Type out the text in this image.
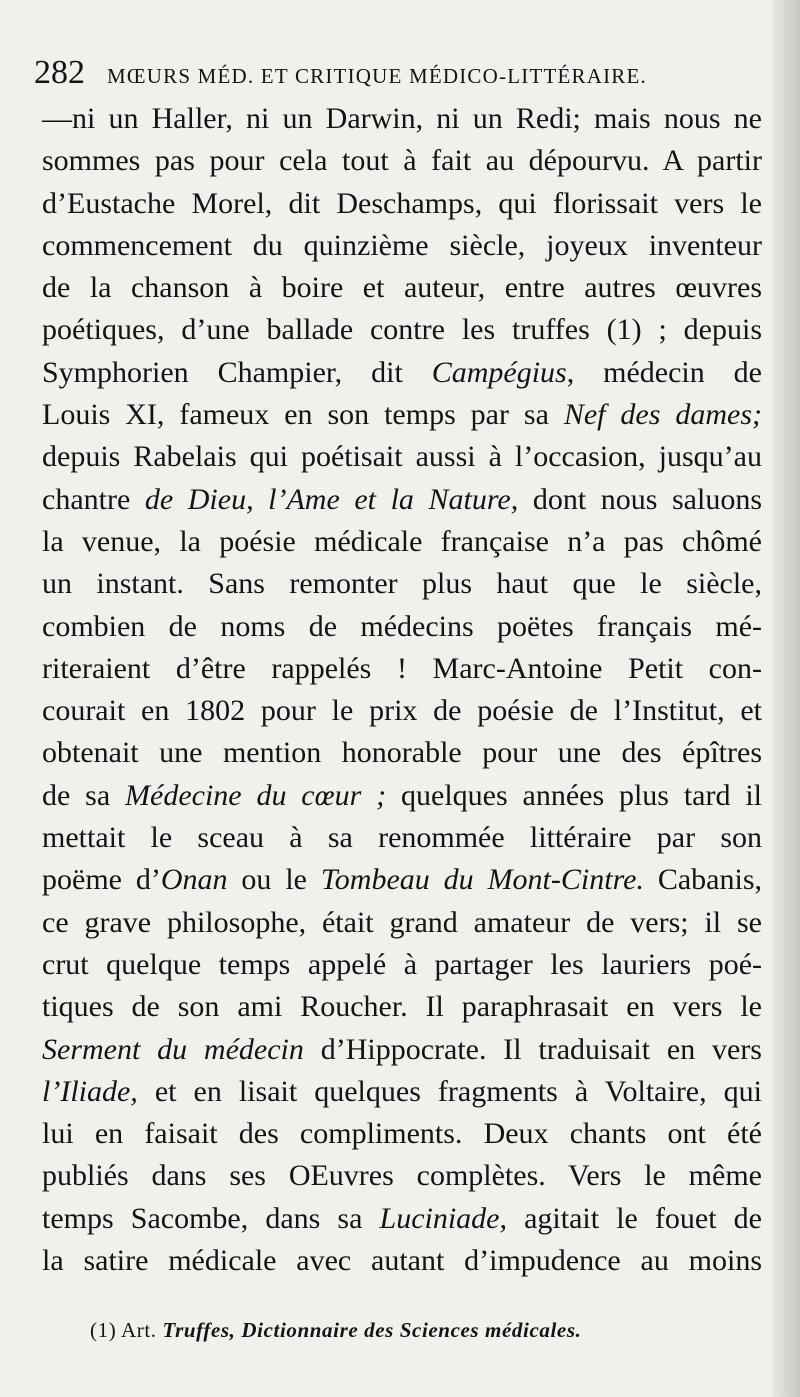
282 MŒURS MÉD. ET CRITIQUE MÉDICO-LITTÉRAIRE.
—ni un Haller, ni un Darwin, ni un Redi; mais nous ne
sommes pas pour cela tout à fait au dépourvu. A partir
d’Eustache Morel, dit Deschamps, qui florissait vers le
commencement du quinzième siècle, joyeux inventeur
de la chanson à boire et auteur, entre autres œuvres
poétiques, d’une ballade contre les truffes (1) ; depuis
Symphorien Champier, dit Campégius, médecin de
Louis XI, fameux en son temps par sa Nef des dames;
depuis Rabelais qui poétisait aussi à l’occasion, jusqu’au
chantre de Dieu, l’Ame et la Nature, dont nous saluons
la venue, la poésie médicale française n’a pas chômé
un instant. Sans remonter plus haut que le siècle,
combien de noms de médecins poëtes français mé-
riteraient d’être rappelés ! Marc-Antoine Petit con-
courait en 1802 pour le prix de poésie de l’Institut, et
obtenait une mention honorable pour une des épîtres
de sa Médecine du cœur ; quelques années plus tard il
mettait le sceau à sa renommée littéraire par son
poëme d’Onan ou le Tombeau du Mont-Cintre. Cabanis,
ce grave philosophe, était grand amateur de vers; il se
crut quelque temps appelé à partager les lauriers poé-
tiques de son ami Roucher. Il paraphrasait en vers le
Serment du médecin d’Hippocrate. Il traduisait en vers
l’Iliade, et en lisait quelques fragments à Voltaire, qui
lui en faisait des compliments. Deux chants ont été
publiés dans ses OEuvres complètes. Vers le même
temps Sacombe, dans sa Luciniade, agitait le fouet de
la satire médicale avec autant d’impudence au moins
(1) Art. Truffes, Dictionnaire des Sciences médicales.
